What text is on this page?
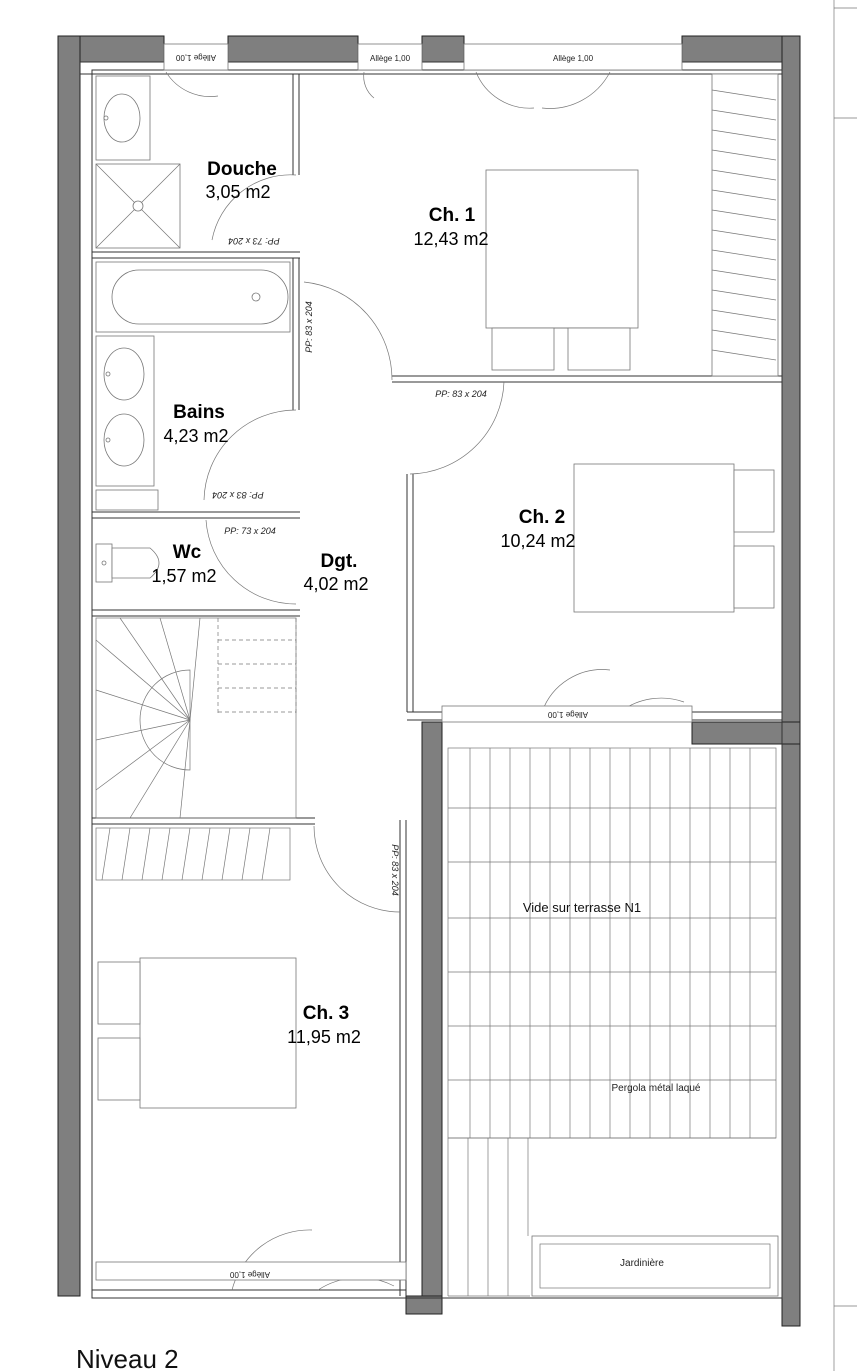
Allège 1,00	Allège 1,00	Allège 1,00
Allège 1,00
Allège 1,00
PP: 73 x 204
PP: 83 x 204
PP: 83 x 204
PP: 83 x 204
PP: 73 x 204
PP: 83 x 204
Douche
3,05 m2
Ch. 1
12,43 m2
Bains
4,23 m2
Ch. 2
10,24 m2
Wc
1,57 m2
Dgt.
4,02 m2
Ch. 3
11,95 m2
Vide sur terrasse N1
Pergola métal laqué
Jardinière
Niveau 2
